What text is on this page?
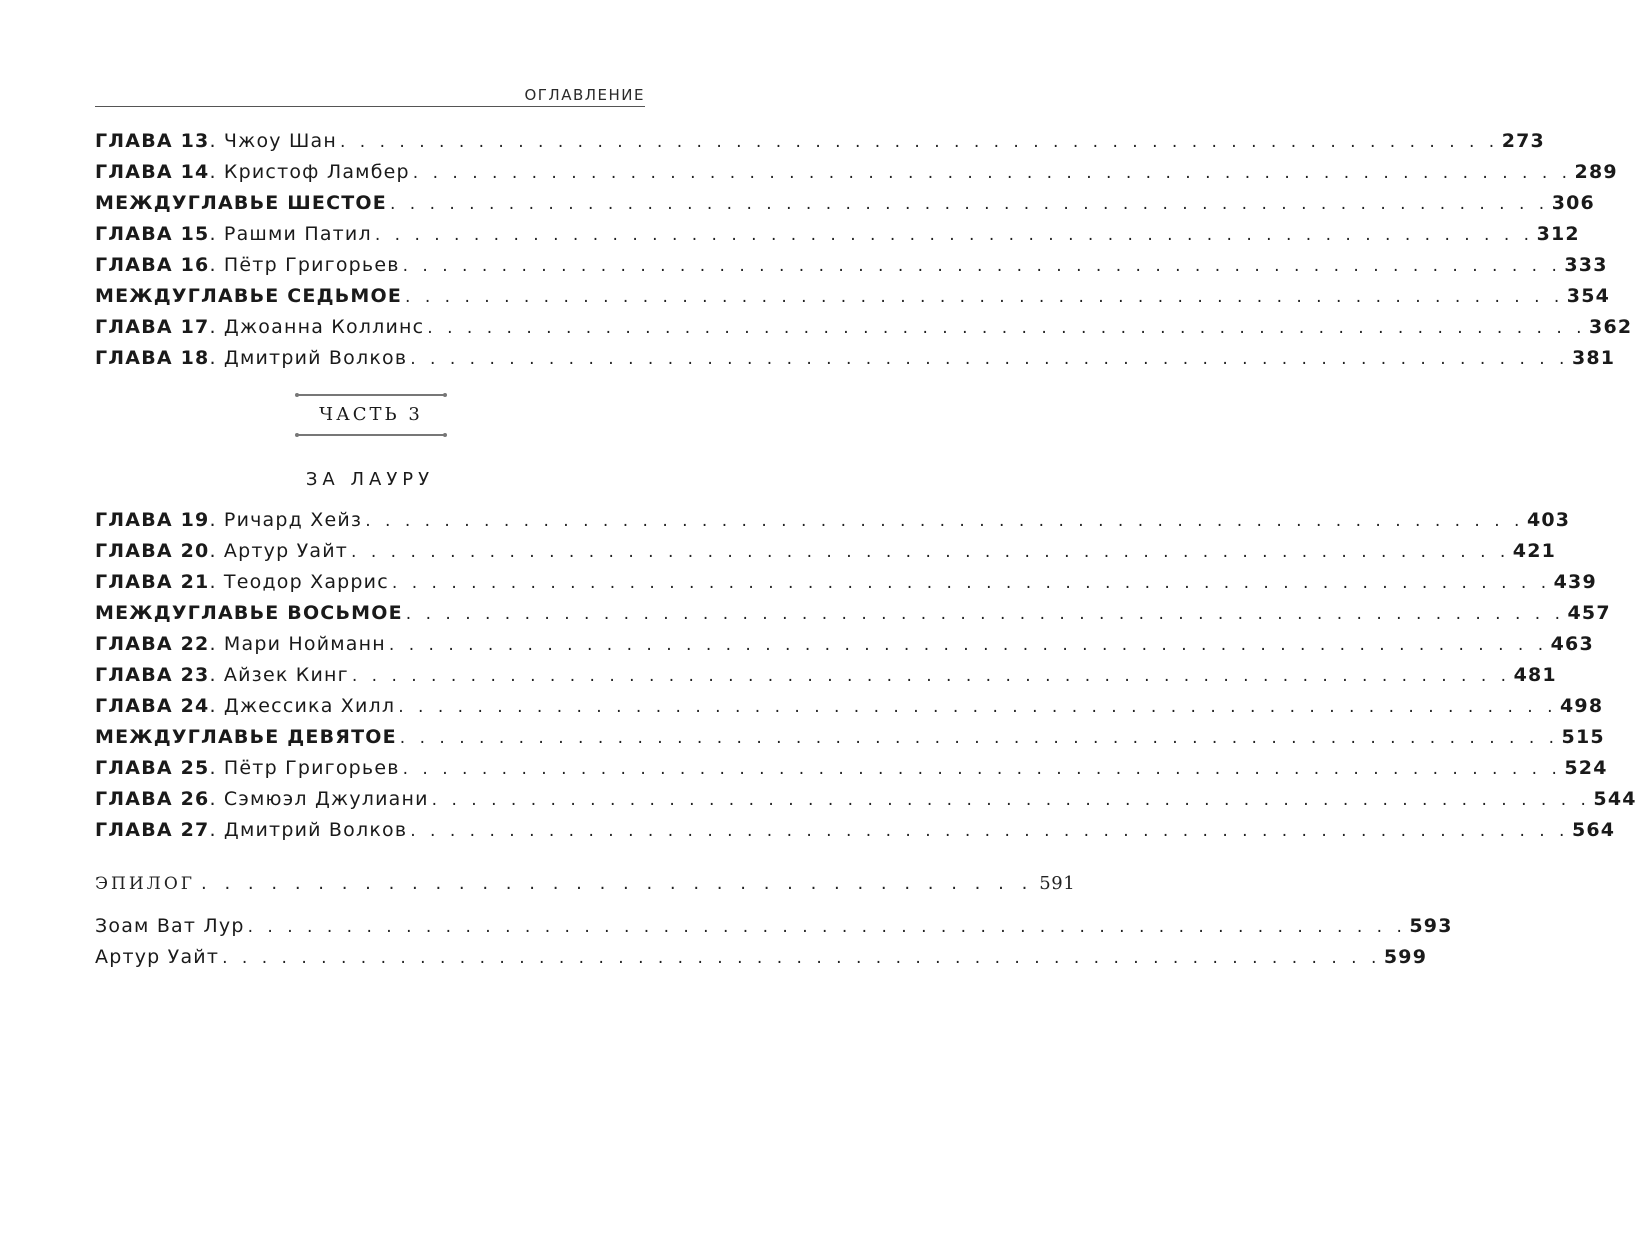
ОГЛАВЛЕНИЕ
ГЛАВА 13. Чжоу Шан . . . . . . . . . . . . . . . . . . . . . . . . . . . . . . . . . . . . . . . . . . . . . . . . . . . . . . . . . . . 273
ГЛАВА 14. Кристоф Ламбер . . . . . . . . . . . . . . . . . . . . . . . . . . . . . . . . . . . . . . . . . . . . . . . . . . . . . . . . . . . 289
МЕЖДУГЛАВЬЕ ШЕСТОЕ . . . . . . . . . . . . . . . . . . . . . . . . . . . . . . . . . . . . . . . . . . . . . . . . . . . . . . . . . . . 306
ГЛАВА 15. Рашми Патил . . . . . . . . . . . . . . . . . . . . . . . . . . . . . . . . . . . . . . . . . . . . . . . . . . . . . . . . . . . 312
ГЛАВА 16. Пётр Григорьев . . . . . . . . . . . . . . . . . . . . . . . . . . . . . . . . . . . . . . . . . . . . . . . . . . . . . . . . . . . 333
МЕЖДУГЛАВЬЕ СЕДЬМОЕ . . . . . . . . . . . . . . . . . . . . . . . . . . . . . . . . . . . . . . . . . . . . . . . . . . . . . . . . . . . 354
ГЛАВА 17. Джоанна Коллинс . . . . . . . . . . . . . . . . . . . . . . . . . . . . . . . . . . . . . . . . . . . . . . . . . . . . . . . . . . . 362
ГЛАВА 18. Дмитрий Волков . . . . . . . . . . . . . . . . . . . . . . . . . . . . . . . . . . . . . . . . . . . . . . . . . . . . . . . . . . . 381
ЧАСТЬ 3
ЗА ЛАУРУ
ГЛАВА 19. Ричард Хейз . . . . . . . . . . . . . . . . . . . . . . . . . . . . . . . . . . . . . . . . . . . . . . . . . . . . . . . . . . . 403
ГЛАВА 20. Артур Уайт . . . . . . . . . . . . . . . . . . . . . . . . . . . . . . . . . . . . . . . . . . . . . . . . . . . . . . . . . . . 421
ГЛАВА 21. Теодор Харрис . . . . . . . . . . . . . . . . . . . . . . . . . . . . . . . . . . . . . . . . . . . . . . . . . . . . . . . . . . . 439
МЕЖДУГЛАВЬЕ ВОСЬМОЕ . . . . . . . . . . . . . . . . . . . . . . . . . . . . . . . . . . . . . . . . . . . . . . . . . . . . . . . . . . . 457
ГЛАВА 22. Мари Нойманн . . . . . . . . . . . . . . . . . . . . . . . . . . . . . . . . . . . . . . . . . . . . . . . . . . . . . . . . . . . 463
ГЛАВА 23. Айзек Кинг . . . . . . . . . . . . . . . . . . . . . . . . . . . . . . . . . . . . . . . . . . . . . . . . . . . . . . . . . . . 481
ГЛАВА 24. Джессика Хилл . . . . . . . . . . . . . . . . . . . . . . . . . . . . . . . . . . . . . . . . . . . . . . . . . . . . . . . . . . . 498
МЕЖДУГЛАВЬЕ ДЕВЯТОЕ . . . . . . . . . . . . . . . . . . . . . . . . . . . . . . . . . . . . . . . . . . . . . . . . . . . . . . . . . . . 515
ГЛАВА 25. Пётр Григорьев . . . . . . . . . . . . . . . . . . . . . . . . . . . . . . . . . . . . . . . . . . . . . . . . . . . . . . . . . . . 524
ГЛАВА 26. Сэмюэл Джулиани . . . . . . . . . . . . . . . . . . . . . . . . . . . . . . . . . . . . . . . . . . . . . . . . . . . . . . . . . . . 544
ГЛАВА 27. Дмитрий Волков . . . . . . . . . . . . . . . . . . . . . . . . . . . . . . . . . . . . . . . . . . . . . . . . . . . . . . . . . . . 564
ЭПИЛОГ . . . . . . . . . . . . . . . . . . . . . . . . . . . . . . . . . . . . 591
Зоам Ват Лур . . . . . . . . . . . . . . . . . . . . . . . . . . . . . . . . . . . . . . . . . . . . . . . . . . . . . . . . . . . 593
Артур Уайт . . . . . . . . . . . . . . . . . . . . . . . . . . . . . . . . . . . . . . . . . . . . . . . . . . . . . . . . . . . 599
